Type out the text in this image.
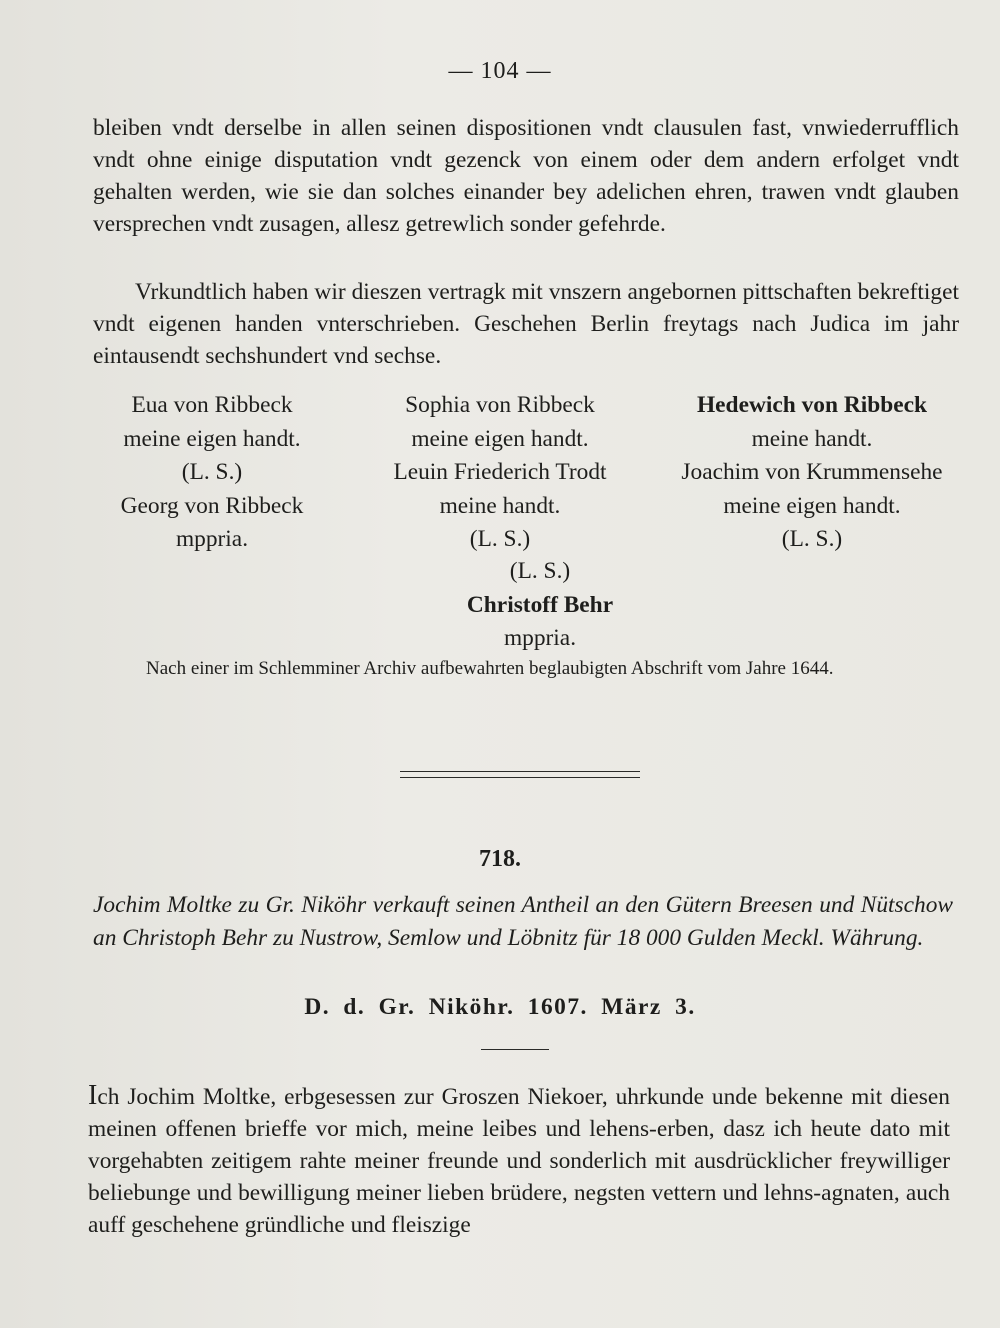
— 104 —

bleiben vndt derselbe in allen seinen dispositionen vndt clausulen fast, vnwiederrufflich vndt ohne einige disputation vndt gezenck von einem oder dem andern erfolget vndt gehalten werden, wie sie dan solches einander bey adelichen ehren, trawen vndt glauben versprechen vndt zusagen, allesz getrewlich sonder gefehrde.

Vrkundtlich haben wir dieszen vertragk mit vnszern angebornen pittschaften bekreftiget vndt eigenen handen vnterschrieben. Geschehen Berlin freytags nach Judica im jahr eintausendt sechshundert vnd sechse.

Eua von Ribbeck
meine eigen handt.
(L. S.)
Georg von Ribbeck
mppria.
Sophia von Ribbeck
meine eigen handt.
Leuin Friederich Trodt
meine handt.
(L. S.)
(L. S.)
Christoff Behr
mppria.
Hedewich von Ribbeck
meine handt.
Joachim von Krummensehe
meine eigen handt.
(L. S.)
Nach einer im Schlemminer Archiv aufbewahrten beglaubigten Abschrift vom Jahre 1644.
718.

Jochim Moltke zu Gr. Niköhr verkauft seinen Antheil an den Gütern Breesen und Nütschow an Christoph Behr zu Nustrow, Semlow und Löbnitz für 18 000 Gulden Meckl. Währung.

D. d. Gr. Niköhr. 1607. März 3.

Ich Jochim Moltke, erbgesessen zur Groszen Niekoer, uhrkunde unde bekenne mit diesen meinen offenen brieffe vor mich, meine leibes und lehens-erben, dasz ich heute dato mit vorgehabten zeitigem rahte meiner freunde und sonderlich mit ausdrücklicher freywilliger beliebunge und bewilligung meiner lieben brüdere, negsten vettern und lehns-agnaten, auch auff geschehene gründliche und fleiszige
